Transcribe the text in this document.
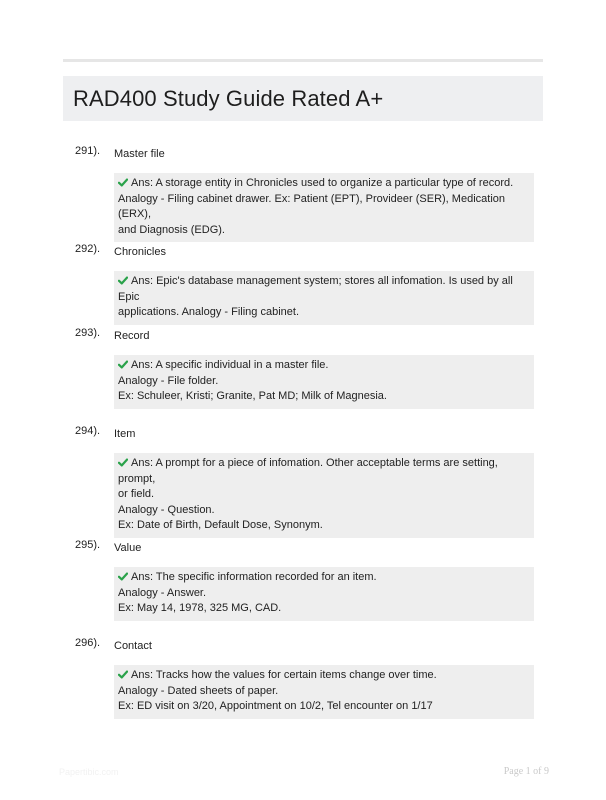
RAD400 Study Guide Rated A+
291).	Master file
Ans: A storage entity in Chronicles used to organize a particular type of record.
Analogy - Filing cabinet drawer. Ex: Patient (EPT), Provideer (SER), Medication (ERX),
and Diagnosis (EDG).
292).	Chronicles
Ans: Epic's database management system; stores all infomation. Is used by all Epic
applications. Analogy - Filing cabinet.
293).	Record
Ans: A specific individual in a master file.
Analogy - File folder.
Ex: Schuleer, Kristi; Granite, Pat MD; Milk of Magnesia.
294).	Item
Ans: A prompt for a piece of infomation. Other acceptable terms are setting, prompt,
or field.
Analogy - Question.
Ex: Date of Birth, Default Dose, Synonym.
295).	Value
Ans: The specific information recorded for an item.
Analogy - Answer.
Ex: May 14, 1978, 325 MG, CAD.
296).	Contact
Ans: Tracks how the values for certain items change over time.
Analogy - Dated sheets of paper.
Ex: ED visit on 3/20, Appointment on 10/2, Tel encounter on 1/17
Papertibic.com	Page 1 of 9
